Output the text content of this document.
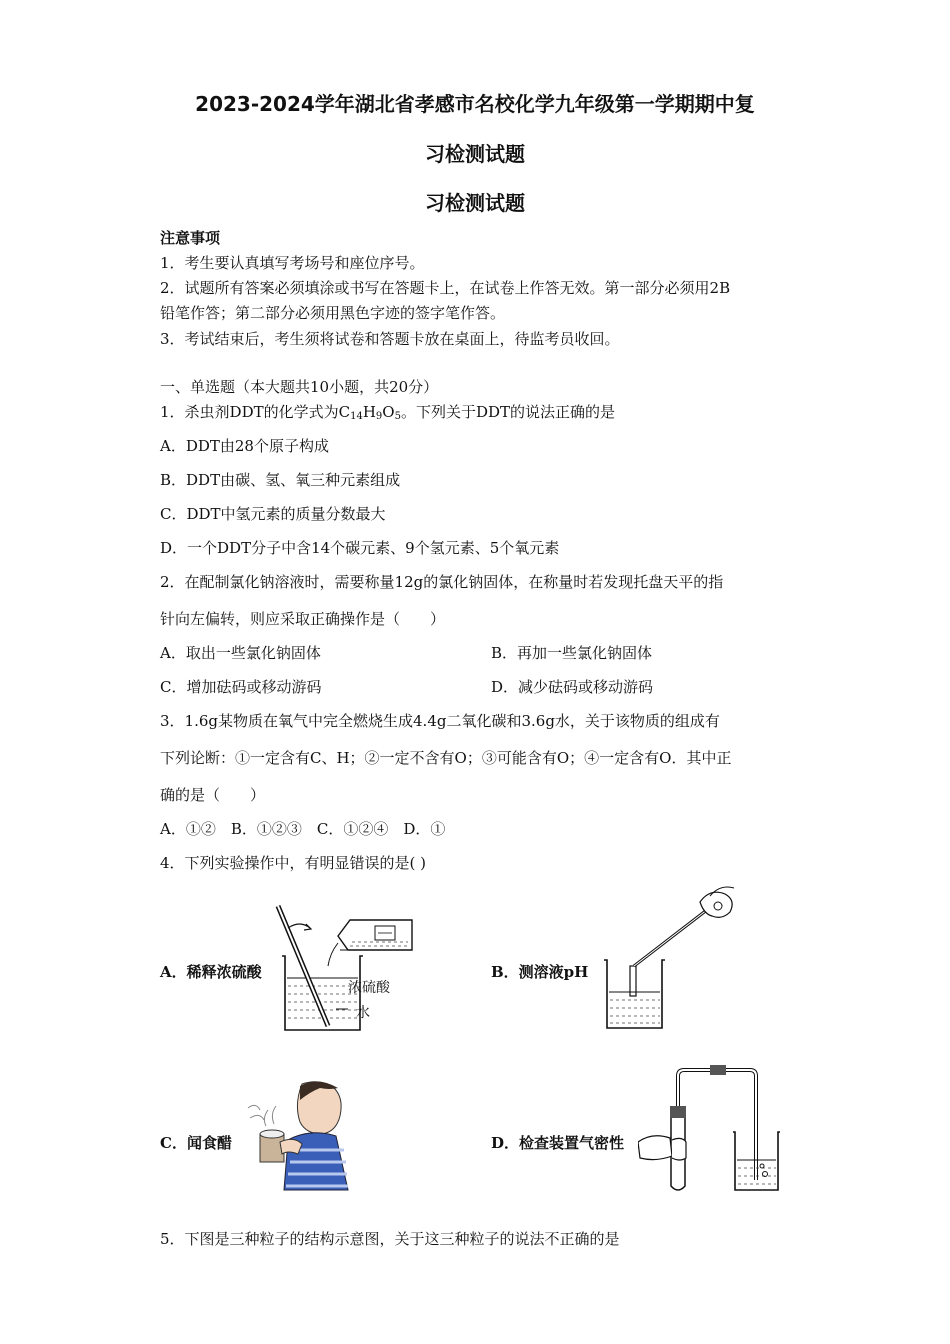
2023-2024学年湖北省孝感市名校化学九年级第一学期期中复
习检测试题
习检测试题
注意事项
1．考生要认真填写考场号和座位序号。
2．试题所有答案必须填涂或书写在答题卡上，在试卷上作答无效。第一部分必须用2B
铅笔作答；第二部分必须用黑色字迹的签字笔作答。
3．考试结束后，考生须将试卷和答题卡放在桌面上，待监考员收回。
一、单选题（本大题共10小题，共20分）
1．杀虫剂DDT的化学式为$C_{14}H_9O_5$。下列关于DDT的说法正确的是
A．DDT由28个原子构成
B．DDT由碳、氢、氧三种元素组成
C．DDT中氢元素的质量分数最大
D．一个DDT分子中含14个碳元素、9个氢元素、5个氧元素
2．在配制氯化钠溶液时，需要称量12g的氯化钠固体，在称量时若发现托盘天平的指
针向左偏转，则应采取正确操作是（　　）
A．取出一些氯化钠固体	B．再加一些氯化钠固体
C．增加砝码或移动游码	D．减少砝码或移动游码
3．1.6g某物质在氧气中完全燃烧生成4.4g二氧化碳和3.6g水，关于该物质的组成有
下列论断：①一定含有C、H；②一定不含有O；③可能含有O；④一定含有O．其中正
确的是（　　）
A．①②　B．①②③　C．①②④　D．①
4．下列实验操作中，有明显错误的是( )
A．稀释浓硫酸	B．测溶液pH
C．闻食醋	D．检查装置气密性
浓硫酸
水
5．下图是三种粒子的结构示意图，关于这三种粒子的说法不正确的是
